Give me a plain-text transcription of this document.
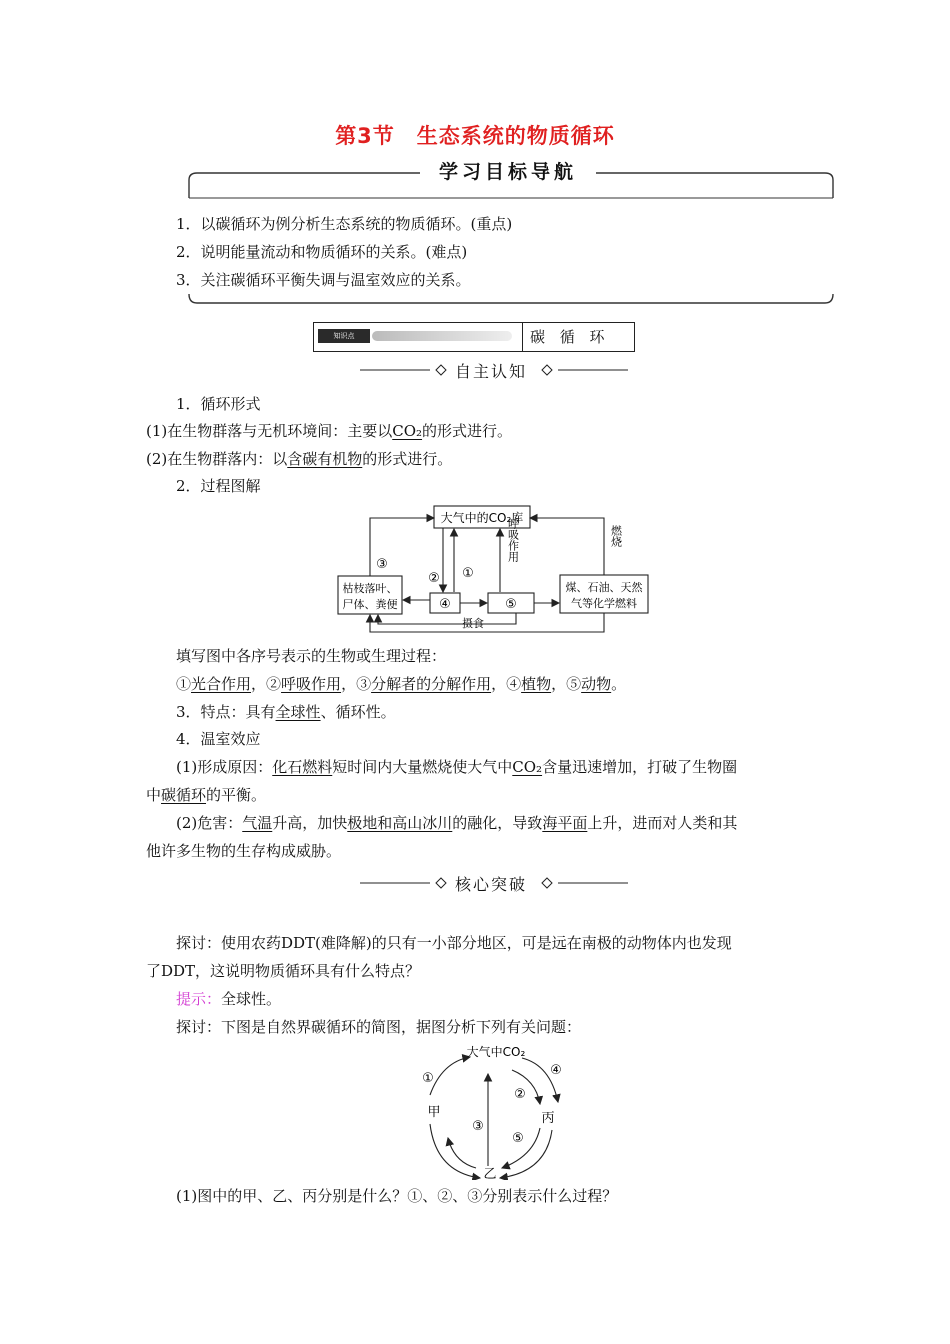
第3节　生态系统的物质循环
学习目标导航
1．以碳循环为例分析生态系统的物质循环。(重点)
2．说明能量流动和物质循环的关系。(难点)
3．关注碳循环平衡失调与温室效应的关系。
知识点	碳 循 环
自主认知
1．循环形式
(1)在生物群落与无机环境间：主要以CO₂的形式进行。
(2)在生物群落内：以含碳有机物的形式进行。
2．过程图解
大气中的CO₂库
枯枝落叶、
尸体、粪便
煤、石油、天然
气等化学燃料
④	⑤
③
② ①
摄食
呼吸作用	燃烧
填写图中各序号表示的生物或生理过程：
①光合作用，②呼吸作用，③分解者的分解作用，④植物，⑤动物。
3．特点：具有全球性、循环性。
4．温室效应
(1)形成原因：化石燃料短时间内大量燃烧使大气中CO₂含量迅速增加，打破了生物圈
中碳循环的平衡。
(2)危害：气温升高，加快极地和高山冰川的融化，导致海平面上升，进而对人类和其
他许多生物的生存构成威胁。
核心突破
探讨：使用农药DDT(难降解)的只有一小部分地区，可是远在南极的动物体内也发现
了DDT，这说明物质循环具有什么特点？
提示：全球性。
探讨：下图是自然界碳循环的简图，据图分析下列有关问题：
大气中CO₂
甲
乙
丙
①
②
③
④
⑤
(1)图中的甲、乙、丙分别是什么？①、②、③分别表示什么过程？
